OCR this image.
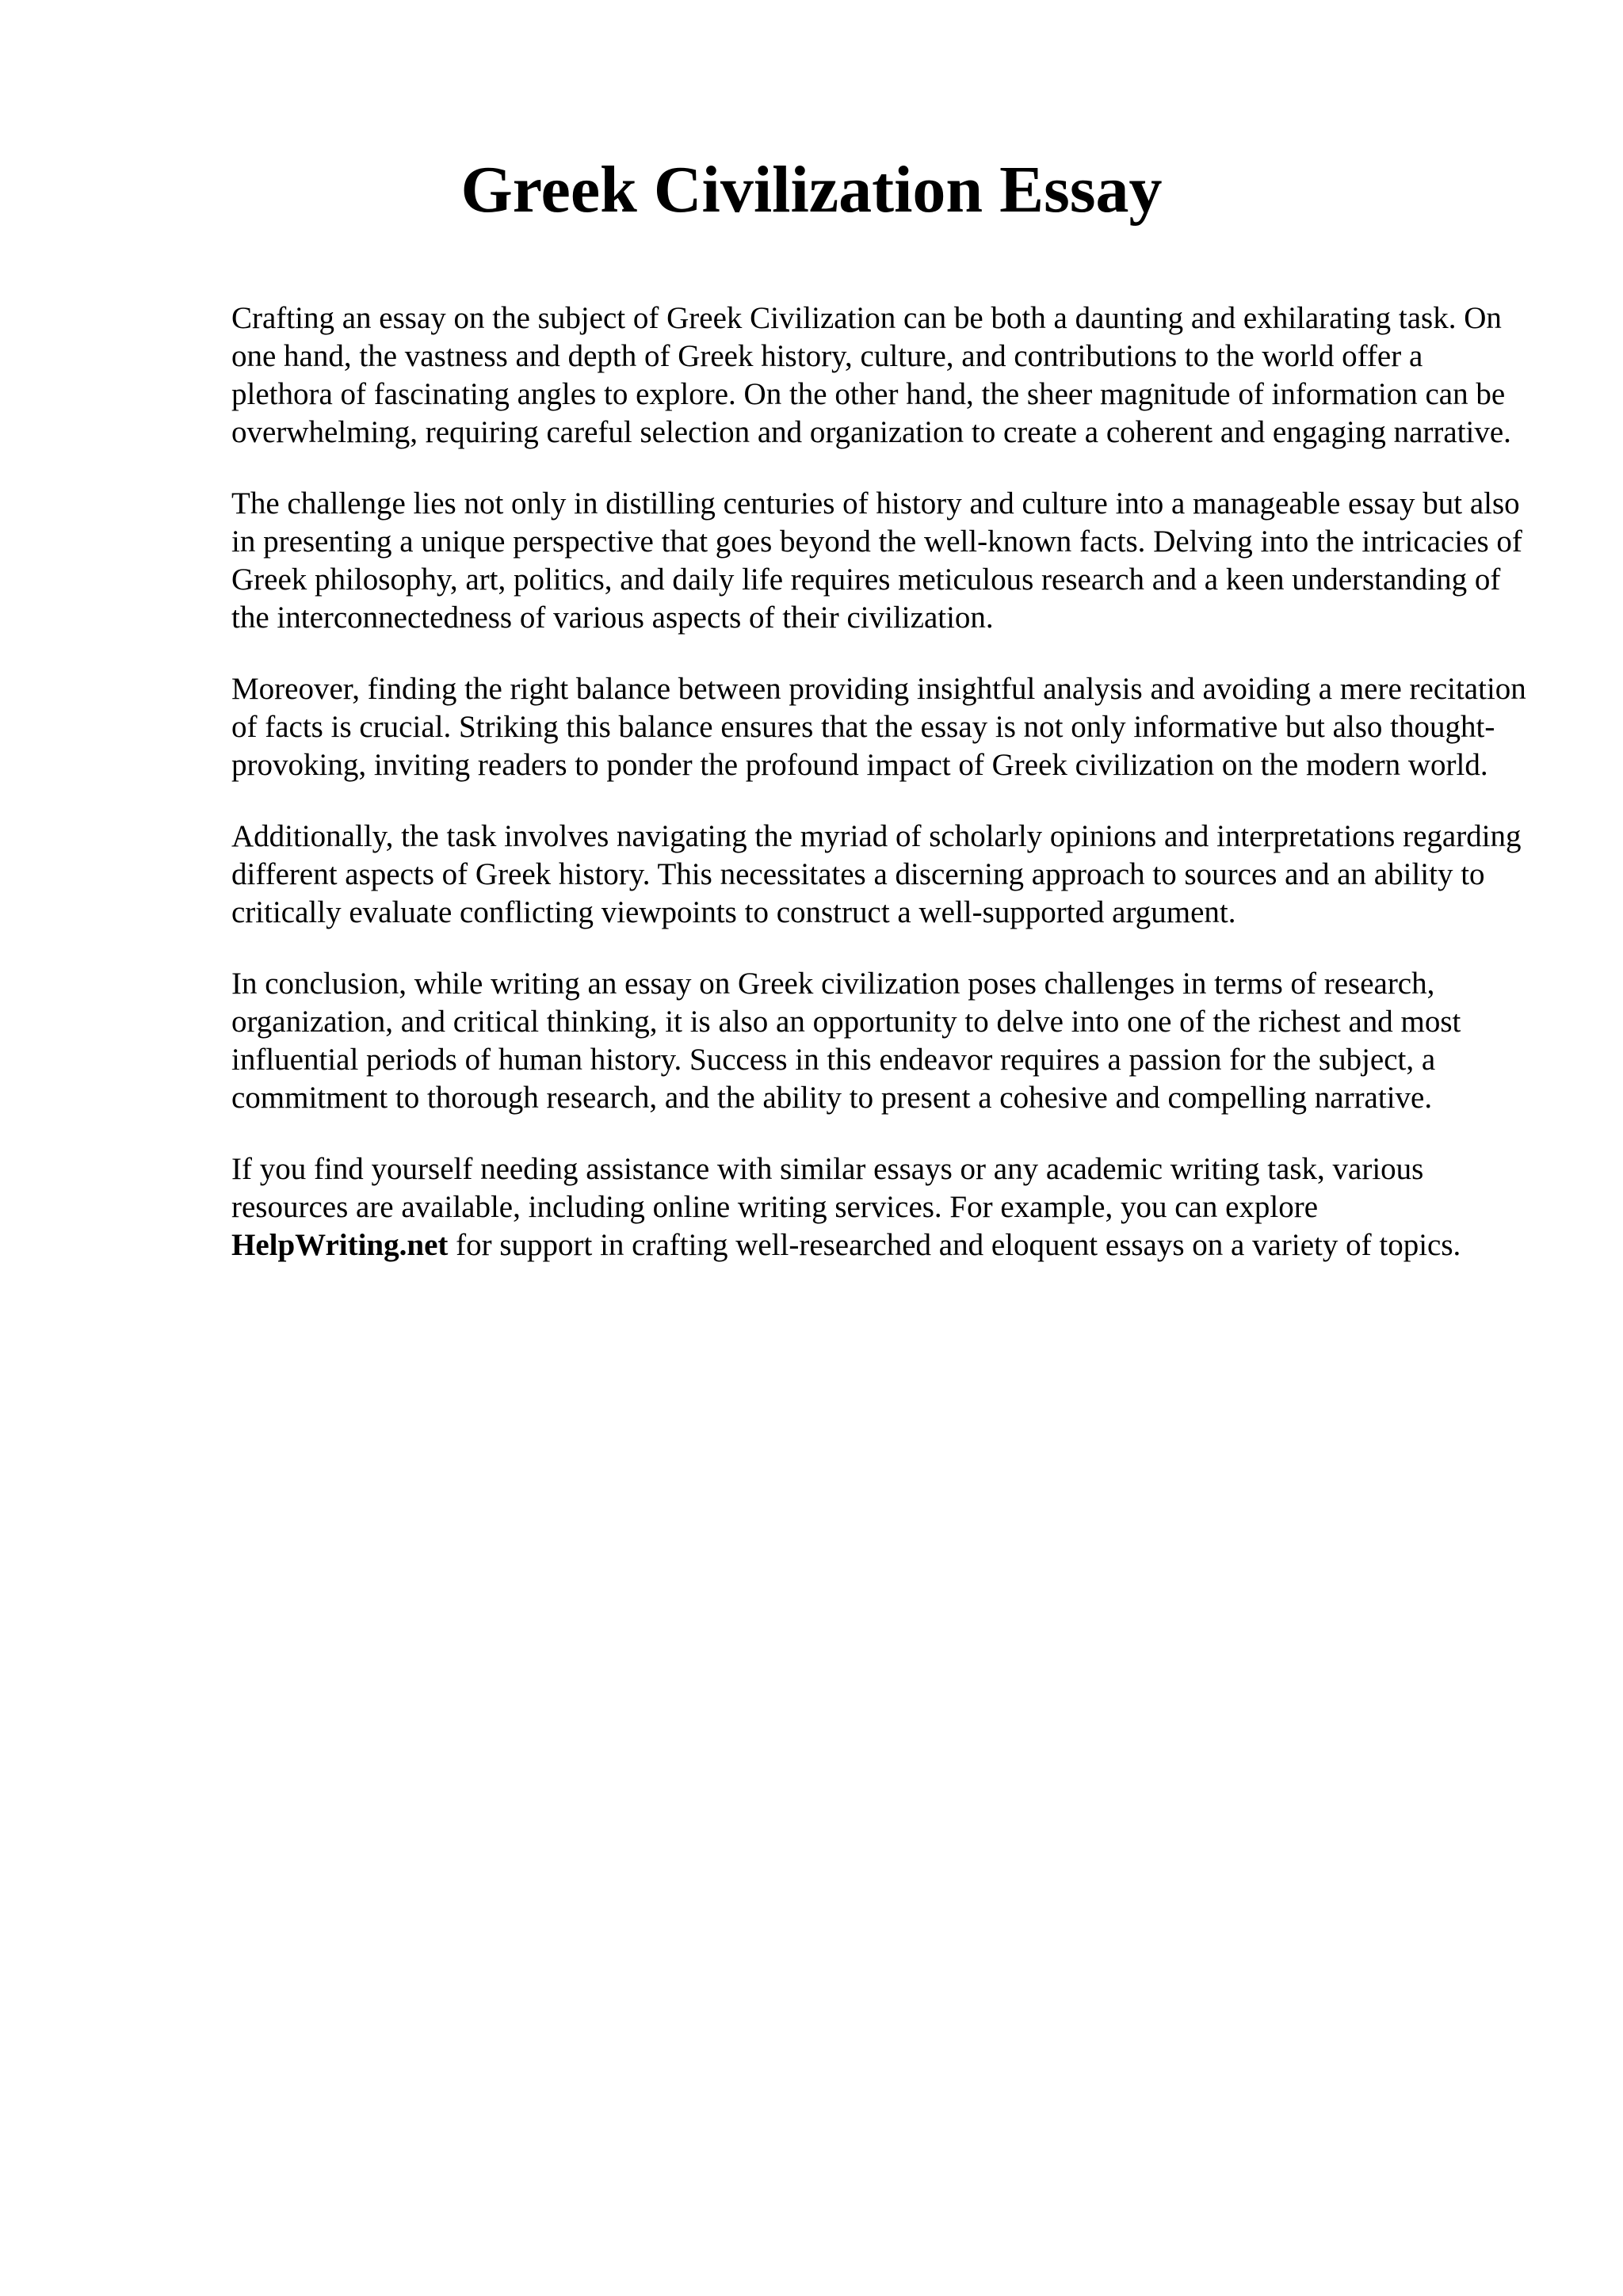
Greek Civilization Essay

Crafting an essay on the subject of Greek Civilization can be both a daunting and exhilarating task. On one hand, the vastness and depth of Greek history, culture, and contributions to the world offer a plethora of fascinating angles to explore. On the other hand, the sheer magnitude of information can be overwhelming, requiring careful selection and organization to create a coherent and engaging narrative.

The challenge lies not only in distilling centuries of history and culture into a manageable essay but also in presenting a unique perspective that goes beyond the well-known facts. Delving into the intricacies of Greek philosophy, art, politics, and daily life requires meticulous research and a keen understanding of the interconnectedness of various aspects of their civilization.

Moreover, finding the right balance between providing insightful analysis and avoiding a mere recitation of facts is crucial. Striking this balance ensures that the essay is not only informative but also thought-provoking, inviting readers to ponder the profound impact of Greek civilization on the modern world.

Additionally, the task involves navigating the myriad of scholarly opinions and interpretations regarding different aspects of Greek history. This necessitates a discerning approach to sources and an ability to critically evaluate conflicting viewpoints to construct a well-supported argument.

In conclusion, while writing an essay on Greek civilization poses challenges in terms of research, organization, and critical thinking, it is also an opportunity to delve into one of the richest and most influential periods of human history. Success in this endeavor requires a passion for the subject, a commitment to thorough research, and the ability to present a cohesive and compelling narrative.

If you find yourself needing assistance with similar essays or any academic writing task, various resources are available, including online writing services. For example, you can explore HelpWriting.net for support in crafting well-researched and eloquent essays on a variety of topics.
